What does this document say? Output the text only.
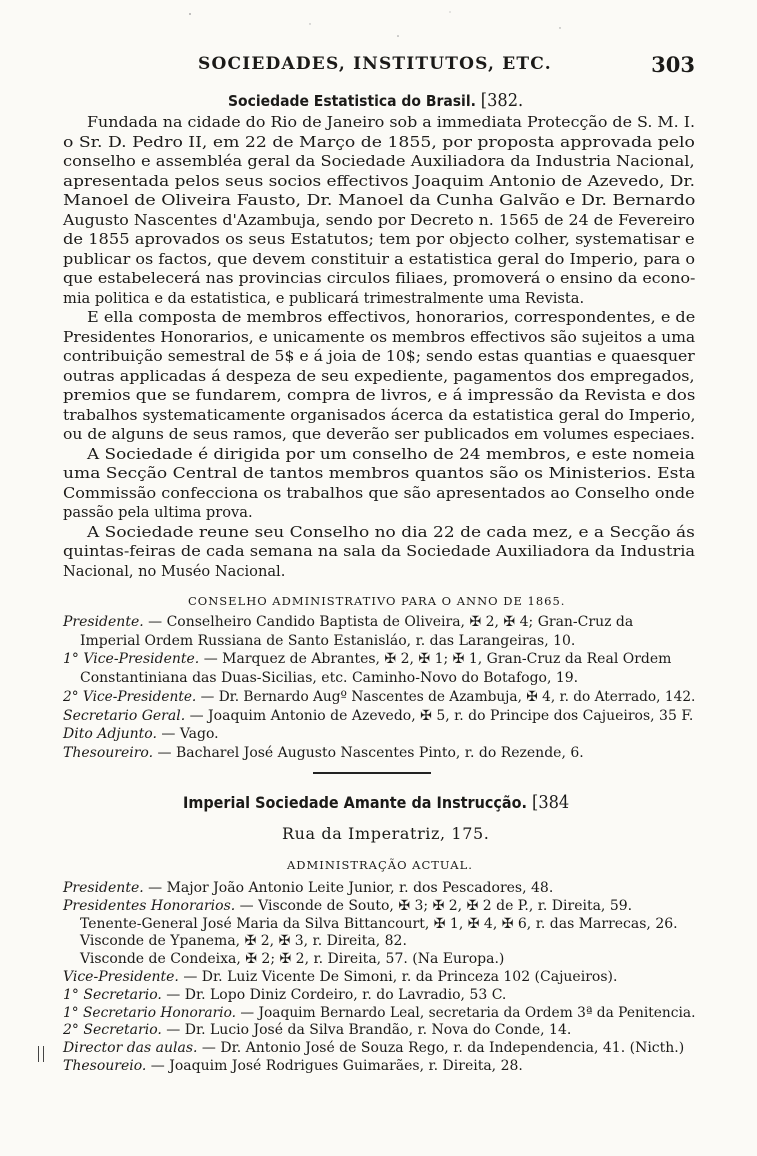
SOCIEDADES, INSTITUTOS, ETC.	303
Sociedade Estatistica do Brasil. [382.
Fundada na cidade do Rio de Janeiro sob a immediata Protecção de S. M. I.
o Sr. D. Pedro II, em 22 de Março de 1855, por proposta approvada pelo
conselho e assembléa geral da Sociedade Auxiliadora da Industria Nacional,
apresentada pelos seus socios effectivos Joaquim Antonio de Azevedo, Dr.
Manoel de Oliveira Fausto, Dr. Manoel da Cunha Galvão e Dr. Bernardo
Augusto Nascentes d'Azambuja, sendo por Decreto n. 1565 de 24 de Fevereiro
de 1855 aprovados os seus Estatutos; tem por objecto colher, systematisar e
publicar os factos, que devem constituir a estatistica geral do Imperio, para o
que estabelecerá nas provincias circulos filiaes, promoverá o ensino da econo-
mia politica e da estatistica, e publicará trimestralmente uma Revista.
E ella composta de membros effectivos, honorarios, correspondentes, e de
Presidentes Honorarios, e unicamente os membros effectivos são sujeitos a uma
contribuição semestral de 5$ e á joia de 10$; sendo estas quantias e quaesquer
outras applicadas á despeza de seu expediente, pagamentos dos empregados,
premios que se fundarem, compra de livros, e á impressão da Revista e dos
trabalhos systematicamente organisados ácerca da estatistica geral do Imperio,
ou de alguns de seus ramos, que deverão ser publicados em volumes especiaes.
A Sociedade é dirigida por um conselho de 24 membros, e este nomeia
uma Secção Central de tantos membros quantos são os Ministerios. Esta
Commissão confecciona os trabalhos que são apresentados ao Conselho onde
passão pela ultima prova.
A Sociedade reune seu Conselho no dia 22 de cada mez, e a Secção ás
quintas-feiras de cada semana na sala da Sociedade Auxiliadora da Industria
Nacional, no Muséo Nacional.
CONSELHO ADMINISTRATIVO PARA O ANNO DE 1865.
Presidente. — Conselheiro Candido Baptista de Oliveira, ✠ 2, ✠ 4; Gran-Cruz da
Imperial Ordem Russiana de Santo Estanisláo, r. das Larangeiras, 10.
1° Vice-Presidente. — Marquez de Abrantes, ✠ 2, ✠ 1; ✠ 1, Gran-Cruz da Real Ordem
Constantiniana das Duas-Sicilias, etc. Caminho-Novo do Botafogo, 19.
2° Vice-Presidente. — Dr. Bernardo Augº Nascentes de Azambuja, ✠ 4, r. do Aterrado, 142.
Secretario Geral. — Joaquim Antonio de Azevedo, ✠ 5, r. do Principe dos Cajueiros, 35 F.
Dito Adjunto. — Vago.
Thesoureiro. — Bacharel José Augusto Nascentes Pinto, r. do Rezende, 6.
Imperial Sociedade Amante da Instrucção. [384
Rua da Imperatriz, 175.
ADMINISTRAÇÃO ACTUAL.
Presidente. — Major João Antonio Leite Junior, r. dos Pescadores, 48.
Presidentes Honorarios. — Visconde de Souto, ✠ 3; ✠ 2, ✠ 2 de P., r. Direita, 59.
Tenente-General José Maria da Silva Bittancourt, ✠ 1, ✠ 4, ✠ 6, r. das Marrecas, 26.
Visconde de Ypanema, ✠ 2, ✠ 3, r. Direita, 82.
Visconde de Condeixa, ✠ 2; ✠ 2, r. Direita, 57. (Na Europa.)
Vice-Presidente. — Dr. Luiz Vicente De Simoni, r. da Princeza 102 (Cajueiros).
1° Secretario. — Dr. Lopo Diniz Cordeiro, r. do Lavradio, 53 C.
1° Secretario Honorario. — Joaquim Bernardo Leal, secretaria da Ordem 3ª da Penitencia.
2° Secretario. — Dr. Lucio José da Silva Brandão, r. Nova do Conde, 14.
Director das aulas. — Dr. Antonio José de Souza Rego, r. da Independencia, 41. (Nicth.)
Thesoureio. — Joaquim José Rodrigues Guimarães, r. Direita, 28.
